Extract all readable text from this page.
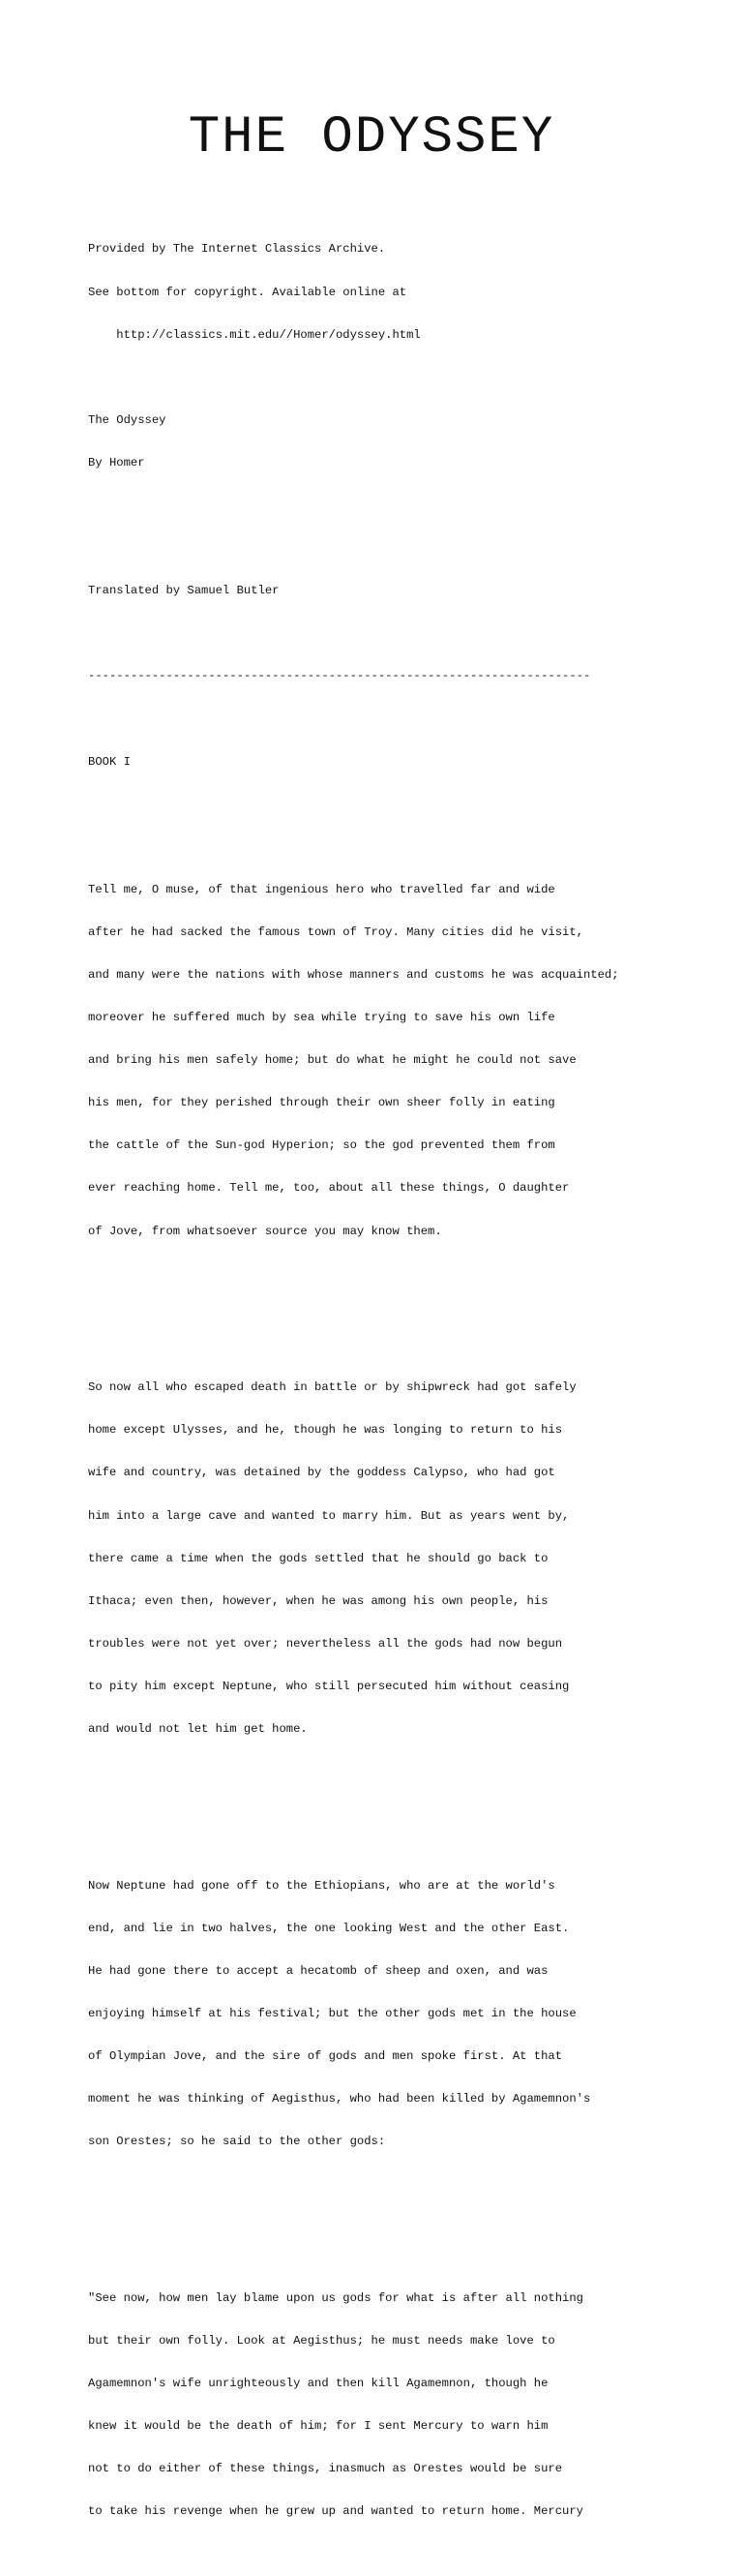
THE ODYSSEY

Provided by The Internet Classics Archive.

See bottom for copyright. Available online at

http://classics.mit.edu//Homer/odyssey.html

The Odyssey

By Homer

Translated by Samuel Butler

-----------------------------------------------------------------------

BOOK I

Tell me, O muse, of that ingenious hero who travelled far and wide

after he had sacked the famous town of Troy. Many cities did he visit,

and many were the nations with whose manners and customs he was acquainted;

moreover he suffered much by sea while trying to save his own life

and bring his men safely home; but do what he might he could not save

his men, for they perished through their own sheer folly in eating

the cattle of the Sun-god Hyperion; so the god prevented them from

ever reaching home. Tell me, too, about all these things, O daughter

of Jove, from whatsoever source you may know them.

So now all who escaped death in battle or by shipwreck had got safely

home except Ulysses, and he, though he was longing to return to his

wife and country, was detained by the goddess Calypso, who had got

him into a large cave and wanted to marry him. But as years went by,

there came a time when the gods settled that he should go back to

Ithaca; even then, however, when he was among his own people, his

troubles were not yet over; nevertheless all the gods had now begun

to pity him except Neptune, who still persecuted him without ceasing

and would not let him get home.

Now Neptune had gone off to the Ethiopians, who are at the world's

end, and lie in two halves, the one looking West and the other East.

He had gone there to accept a hecatomb of sheep and oxen, and was

enjoying himself at his festival; but the other gods met in the house

of Olympian Jove, and the sire of gods and men spoke first. At that

moment he was thinking of Aegisthus, who had been killed by Agamemnon's

son Orestes; so he said to the other gods:

"See now, how men lay blame upon us gods for what is after all nothing

but their own folly. Look at Aegisthus; he must needs make love to

Agamemnon's wife unrighteously and then kill Agamemnon, though he

knew it would be the death of him; for I sent Mercury to warn him

not to do either of these things, inasmuch as Orestes would be sure

to take his revenge when he grew up and wanted to return home. Mercury
